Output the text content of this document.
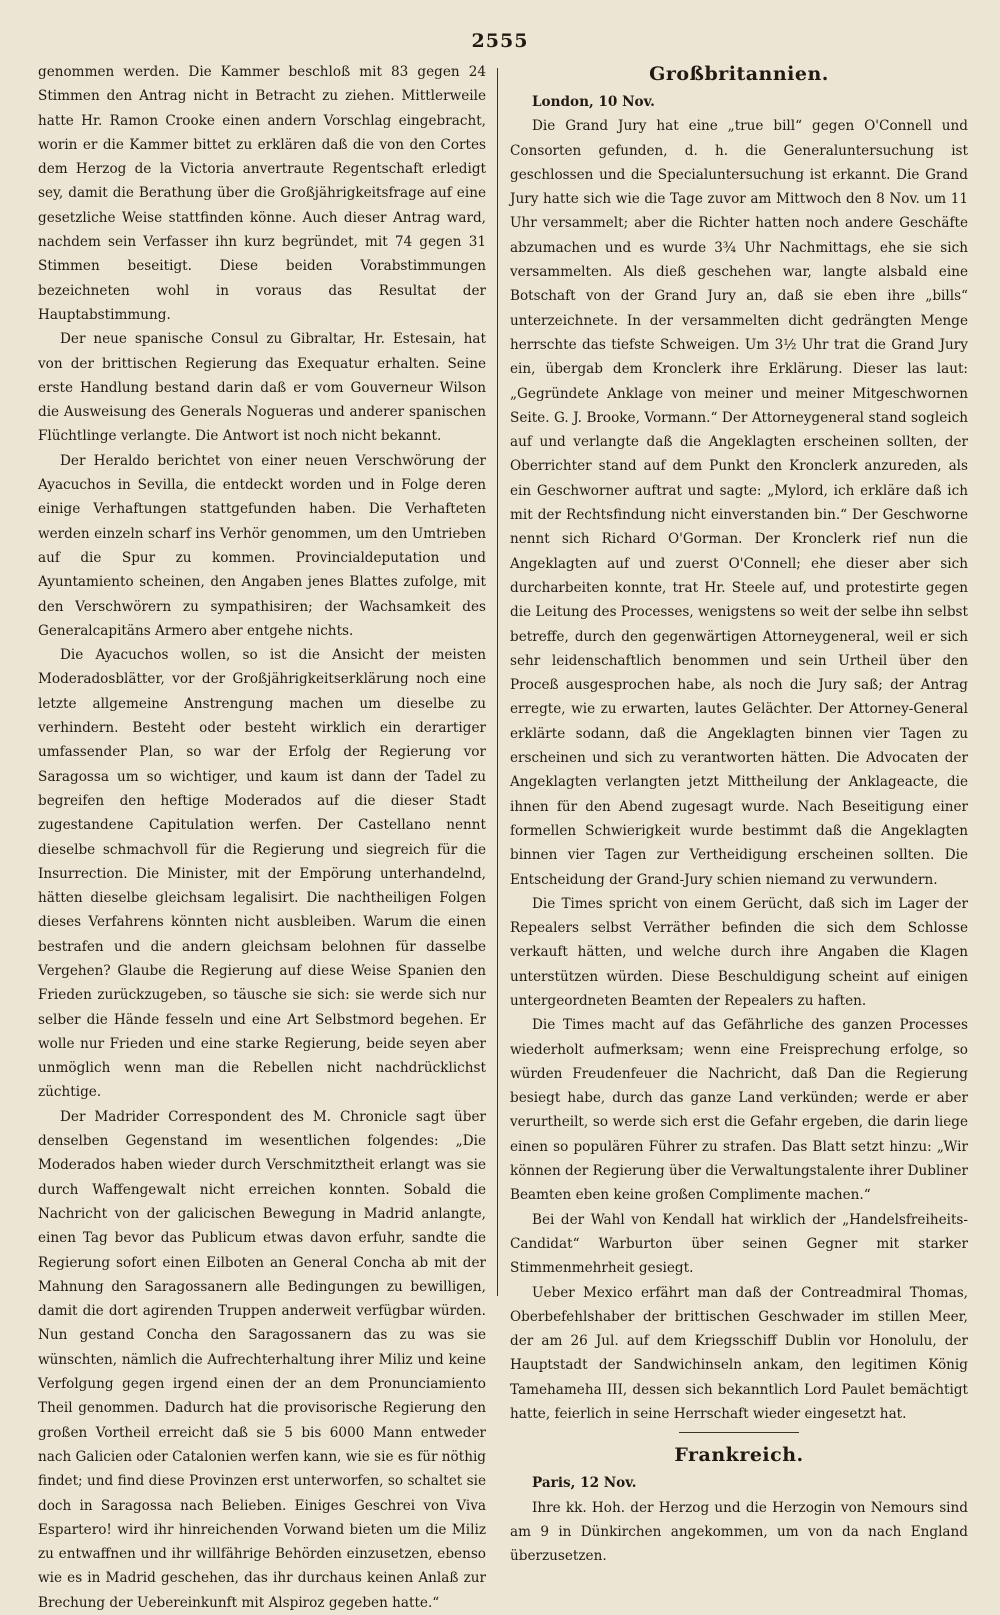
2555

genommen werden. Die Kammer beschloß mit 83 gegen 24 Stimmen den Antrag nicht in Betracht zu ziehen. Mittlerweile hatte Hr. Ramon Crooke einen andern Vorschlag eingebracht, worin er die Kammer bittet zu erklären daß die von den Cortes dem Herzog de la Victoria anvertraute Regentschaft erledigt sey, damit die Berathung über die Großjährigkeitsfrage auf eine gesetzliche Weise stattfinden könne. Auch dieser Antrag ward, nachdem sein Verfasser ihn kurz begründet, mit 74 gegen 31 Stimmen beseitigt. Diese beiden Vorabstimmungen bezeichneten wohl in voraus das Resultat der Hauptabstimmung.

Der neue spanische Consul zu Gibraltar, Hr. Estesain, hat von der brittischen Regierung das Exequatur erhalten. Seine erste Handlung bestand darin daß er vom Gouverneur Wilson die Ausweisung des Generals Nogueras und anderer spanischen Flüchtlinge verlangte. Die Antwort ist noch nicht bekannt.

Der Heraldo berichtet von einer neuen Verschwörung der Ayacuchos in Sevilla, die entdeckt worden und in Folge deren einige Verhaftungen stattgefunden haben. Die Verhafteten werden einzeln scharf ins Verhör genommen, um den Umtrieben auf die Spur zu kommen. Provincialdeputation und Ayuntamiento scheinen, den Angaben jenes Blattes zufolge, mit den Verschwörern zu sympathisiren; der Wachsamkeit des Generalcapitäns Armero aber entgehe nichts.

Die Ayacuchos wollen, so ist die Ansicht der meisten Moderadosblätter, vor der Großjährigkeitserklärung noch eine letzte allgemeine Anstrengung machen um dieselbe zu verhindern. Besteht oder besteht wirklich ein derartiger umfassender Plan, so war der Erfolg der Regierung vor Saragossa um so wichtiger, und kaum ist dann der Tadel zu begreifen den heftige Moderados auf die dieser Stadt zugestandene Capitulation werfen. Der Castellano nennt dieselbe schmachvoll für die Regierung und siegreich für die Insurrection. Die Minister, mit der Empörung unterhandelnd, hätten dieselbe gleichsam legalisirt. Die nachtheiligen Folgen dieses Verfahrens könnten nicht ausbleiben. Warum die einen bestrafen und die andern gleichsam belohnen für dasselbe Vergehen? Glaube die Regierung auf diese Weise Spanien den Frieden zurückzugeben, so täusche sie sich: sie werde sich nur selber die Hände fesseln und eine Art Selbstmord begehen. Er wolle nur Frieden und eine starke Regierung, beide seyen aber unmöglich wenn man die Rebellen nicht nachdrücklichst züchtige.

Der Madrider Correspondent des M. Chronicle sagt über denselben Gegenstand im wesentlichen folgendes: „Die Moderados haben wieder durch Verschmitztheit erlangt was sie durch Waffengewalt nicht erreichen konnten. Sobald die Nachricht von der galicischen Bewegung in Madrid anlangte, einen Tag bevor das Publicum etwas davon erfuhr, sandte die Regierung sofort einen Eilboten an General Concha ab mit der Mahnung den Saragossanern alle Bedingungen zu bewilligen, damit die dort agirenden Truppen anderweit verfügbar würden. Nun gestand Concha den Saragossanern das zu was sie wünschten, nämlich die Aufrechterhaltung ihrer Miliz und keine Verfolgung gegen irgend einen der an dem Pronunciamiento Theil genommen. Dadurch hat die provisorische Regierung den großen Vortheil erreicht daß sie 5 bis 6000 Mann entweder nach Galicien oder Catalonien werfen kann, wie sie es für nöthig findet; und find diese Provinzen erst unterworfen, so schaltet sie doch in Saragossa nach Belieben. Einiges Geschrei von Viva Espartero! wird ihr hinreichenden Vorwand bieten um die Miliz zu entwaffnen und ihr willfährige Behörden einzusetzen, ebenso wie es in Madrid geschehen, das ihr durchaus keinen Anlaß zur Brechung der Uebereinkunft mit Alspiroz gegeben hatte.“

Großbritannien.

London, 10 Nov.

Die Grand Jury hat eine „true bill“ gegen O'Connell und Consorten gefunden, d. h. die Generaluntersuchung ist geschlossen und die Specialuntersuchung ist erkannt. Die Grand Jury hatte sich wie die Tage zuvor am Mittwoch den 8 Nov. um 11 Uhr versammelt; aber die Richter hatten noch andere Geschäfte abzumachen und es wurde 3¾ Uhr Nachmittags, ehe sie sich versammelten. Als dieß geschehen war, langte alsbald eine Botschaft von der Grand Jury an, daß sie eben ihre „bills“ unterzeichnete. In der versammelten dicht gedrängten Menge herrschte das tiefste Schweigen. Um 3½ Uhr trat die Grand Jury ein, übergab dem Kronclerk ihre Erklärung. Dieser las laut: „Gegründete Anklage von meiner und meiner Mitgeschwornen Seite. G. J. Brooke, Vormann.“ Der Attorneygeneral stand sogleich auf und verlangte daß die Angeklagten erscheinen sollten, der Oberrichter stand auf dem Punkt den Kronclerk anzureden, als ein Geschworner auftrat und sagte: „Mylord, ich erkläre daß ich mit der Rechtsfindung nicht einverstanden bin.“ Der Geschworne nennt sich Richard O'Gorman. Der Kronclerk rief nun die Angeklagten auf und zuerst O'Connell; ehe dieser aber sich durcharbeiten konnte, trat Hr. Steele auf, und protestirte gegen die Leitung des Processes, wenigstens so weit der selbe ihn selbst betreffe, durch den gegenwärtigen Attorneygeneral, weil er sich sehr leidenschaftlich benommen und sein Urtheil über den Proceß ausgesprochen habe, als noch die Jury saß; der Antrag erregte, wie zu erwarten, lautes Gelächter. Der Attorney-General erklärte sodann, daß die Angeklagten binnen vier Tagen zu erscheinen und sich zu verantworten hätten. Die Advocaten der Angeklagten verlangten jetzt Mittheilung der Anklageacte, die ihnen für den Abend zugesagt wurde. Nach Beseitigung einer formellen Schwierigkeit wurde bestimmt daß die Angeklagten binnen vier Tagen zur Vertheidigung erscheinen sollten. Die Entscheidung der Grand-Jury schien niemand zu verwundern.

Die Times spricht von einem Gerücht, daß sich im Lager der Repealers selbst Verräther befinden die sich dem Schlosse verkauft hätten, und welche durch ihre Angaben die Klagen unterstützen würden. Diese Beschuldigung scheint auf einigen untergeordneten Beamten der Repealers zu haften.

Die Times macht auf das Gefährliche des ganzen Processes wiederholt aufmerksam; wenn eine Freisprechung erfolge, so würden Freudenfeuer die Nachricht, daß Dan die Regierung besiegt habe, durch das ganze Land verkünden; werde er aber verurtheilt, so werde sich erst die Gefahr ergeben, die darin liege einen so populären Führer zu strafen. Das Blatt setzt hinzu: „Wir können der Regierung über die Verwaltungstalente ihrer Dubliner Beamten eben keine großen Complimente machen.“

Bei der Wahl von Kendall hat wirklich der „Handelsfreiheits-Candidat“ Warburton über seinen Gegner mit starker Stimmenmehrheit gesiegt.

Ueber Mexico erfährt man daß der Contreadmiral Thomas, Oberbefehlshaber der brittischen Geschwader im stillen Meer, der am 26 Jul. auf dem Kriegsschiff Dublin vor Honolulu, der Hauptstadt der Sandwichinseln ankam, den legitimen König Tamehameha III, dessen sich bekanntlich Lord Paulet bemächtigt hatte, feierlich in seine Herrschaft wieder eingesetzt hat.

Frankreich.

Paris, 12 Nov.

Ihre kk. Hoh. der Herzog und die Herzogin von Nemours sind am 9 in Dünkirchen angekommen, um von da nach England überzusetzen.
